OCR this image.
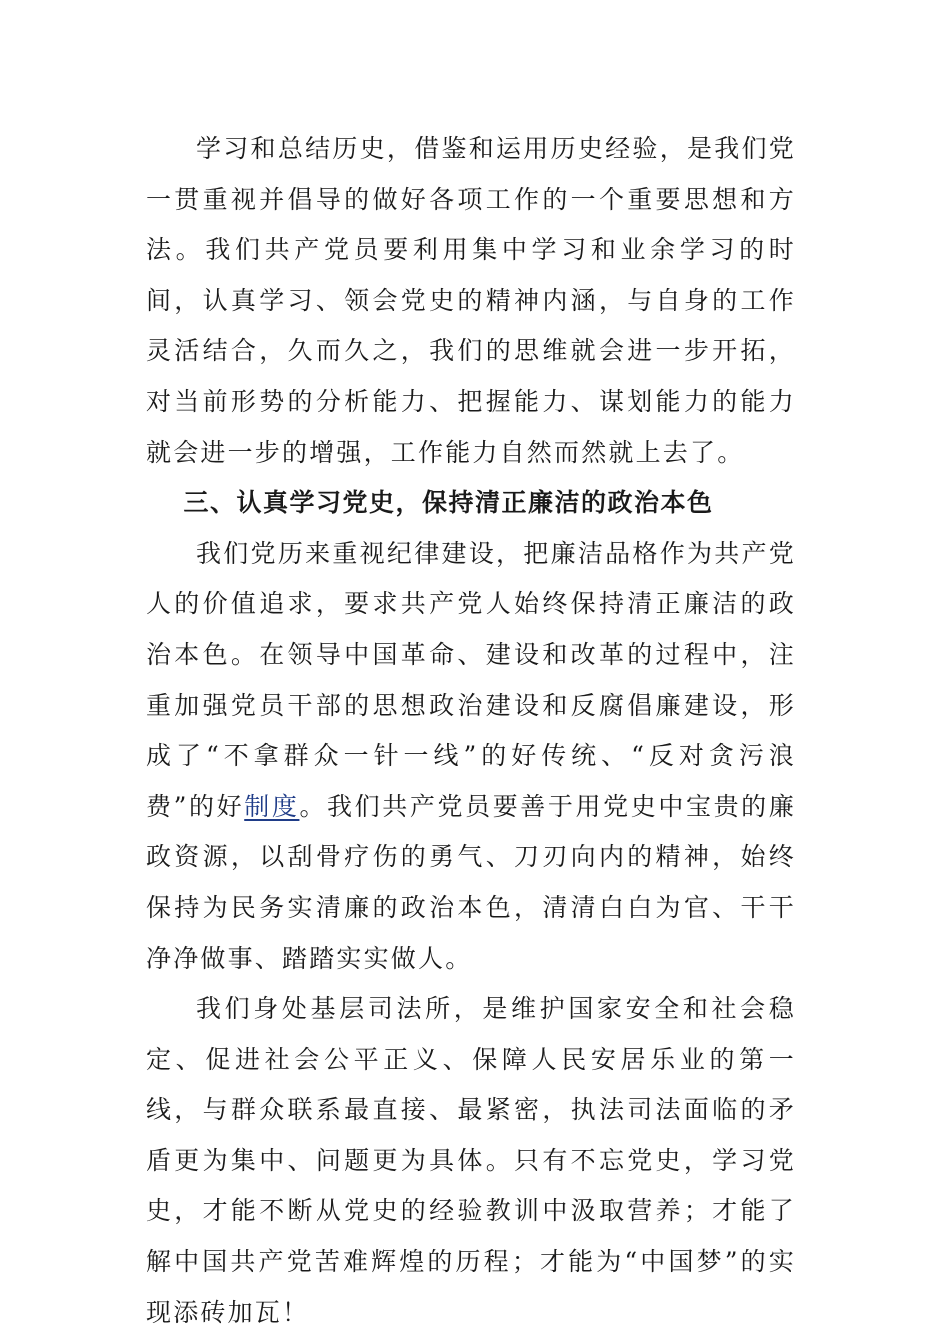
学习和总结历史，借鉴和运用历史经验，是我们党一贯重视并倡导的做好各项工作的一个重要思想和方法。我们共产党员要利用集中学习和业余学习的时间，认真学习、领会党史的精神内涵，与自身的工作灵活结合，久而久之，我们的思维就会进一步开拓，对当前形势的分析能力、把握能力、谋划能力的能力就会进一步的增强，工作能力自然而然就上去了。

三、认真学习党史，保持清正廉洁的政治本色

我们党历来重视纪律建设，把廉洁品格作为共产党人的价值追求，要求共产党人始终保持清正廉洁的政治本色。在领导中国革命、建设和改革的过程中，注重加强党员干部的思想政治建设和反腐倡廉建设，形成了“不拿群众一针一线”的好传统、“反对贪污浪费”的好制度。我们共产党员要善于用党史中宝贵的廉政资源，以刮骨疗伤的勇气、刀刃向内的精神，始终保持为民务实清廉的政治本色，清清白白为官、干干净净做事、踏踏实实做人。

我们身处基层司法所，是维护国家安全和社会稳定、促进社会公平正义、保障人民安居乐业的第一线，与群众联系最直接、最紧密，执法司法面临的矛盾更为集中、问题更为具体。只有不忘党史，学习党史，才能不断从党史的经验教训中汲取营养；才能了解中国共产党苦难辉煌的历程；才能为“中国梦”的实现添砖加瓦！
